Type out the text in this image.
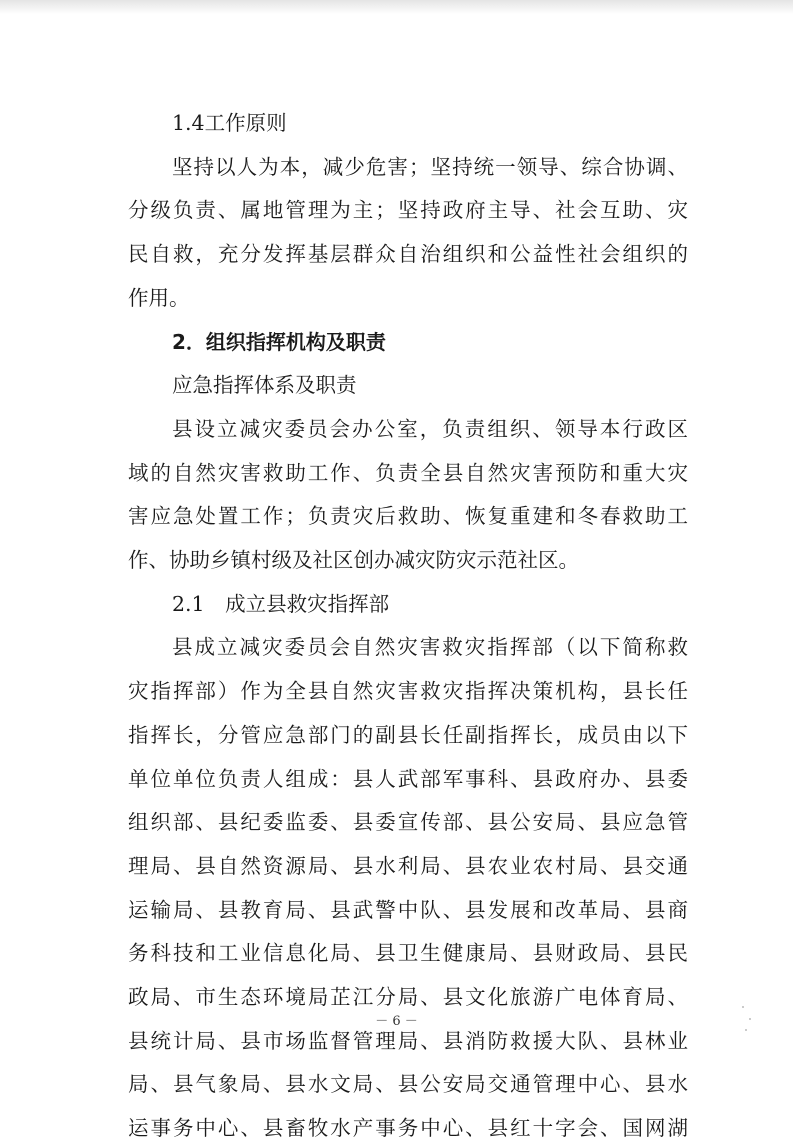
1.4工作原则
坚持以人为本，减少危害；坚持统一领导、综合协调、
分级负责、属地管理为主；坚持政府主导、社会互助、灾
民自救，充分发挥基层群众自治组织和公益性社会组织的
作用。
2．组织指挥机构及职责
应急指挥体系及职责
县设立减灾委员会办公室，负责组织、领导本行政区
域的自然灾害救助工作、负责全县自然灾害预防和重大灾
害应急处置工作；负责灾后救助、恢复重建和冬春救助工
作、协助乡镇村级及社区创办减灾防灾示范社区。
2.1　成立县救灾指挥部
县成立减灾委员会自然灾害救灾指挥部（以下简称救
灾指挥部）作为全县自然灾害救灾指挥决策机构，县长任
指挥长，分管应急部门的副县长任副指挥长，成员由以下
单位单位负责人组成：县人武部军事科、县政府办、县委
组织部、县纪委监委、县委宣传部、县公安局、县应急管
理局、县自然资源局、县水利局、县农业农村局、县交通
运输局、县教育局、县武警中队、县发展和改革局、县商
务科技和工业信息化局、县卫生健康局、县财政局、县民
政局、市生态环境局芷江分局、县文化旅游广电体育局、
县统计局、县市场监督管理局、县消防救援大队、县林业
局、县气象局、县水文局、县公安局交通管理中心、县水
运事务中心、县畜牧水产事务中心、县红十字会、国网湖
－ 6 －
